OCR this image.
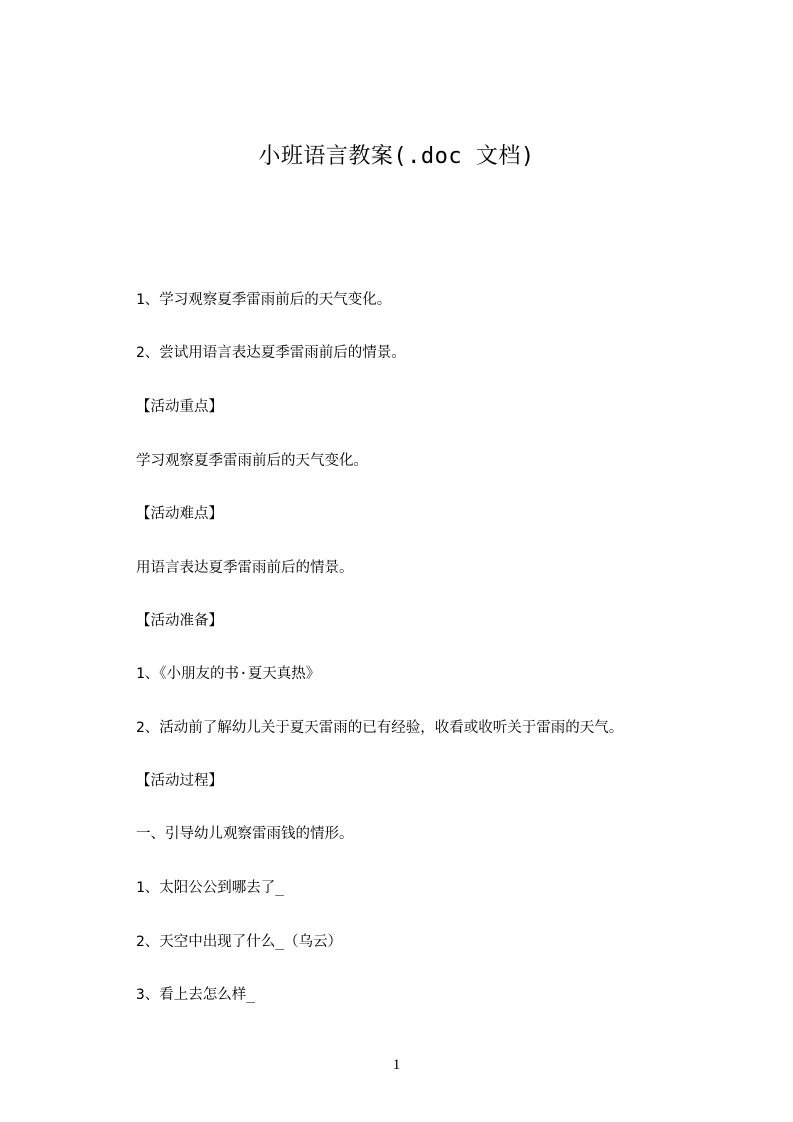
小班语言教案(.doc 文档)
1、学习观察夏季雷雨前后的天气变化。
2、尝试用语言表达夏季雷雨前后的情景。
【活动重点】
学习观察夏季雷雨前后的天气变化。
【活动难点】
用语言表达夏季雷雨前后的情景。
【活动准备】
1、《小朋友的书·夏天真热》
2、活动前了解幼儿关于夏天雷雨的已有经验，收看或收听关于雷雨的天气。
【活动过程】
一、引导幼儿观察雷雨钱的情形。
1、太阳公公到哪去了_
2、天空中出现了什么_（乌云）
3、看上去怎么样_
1
